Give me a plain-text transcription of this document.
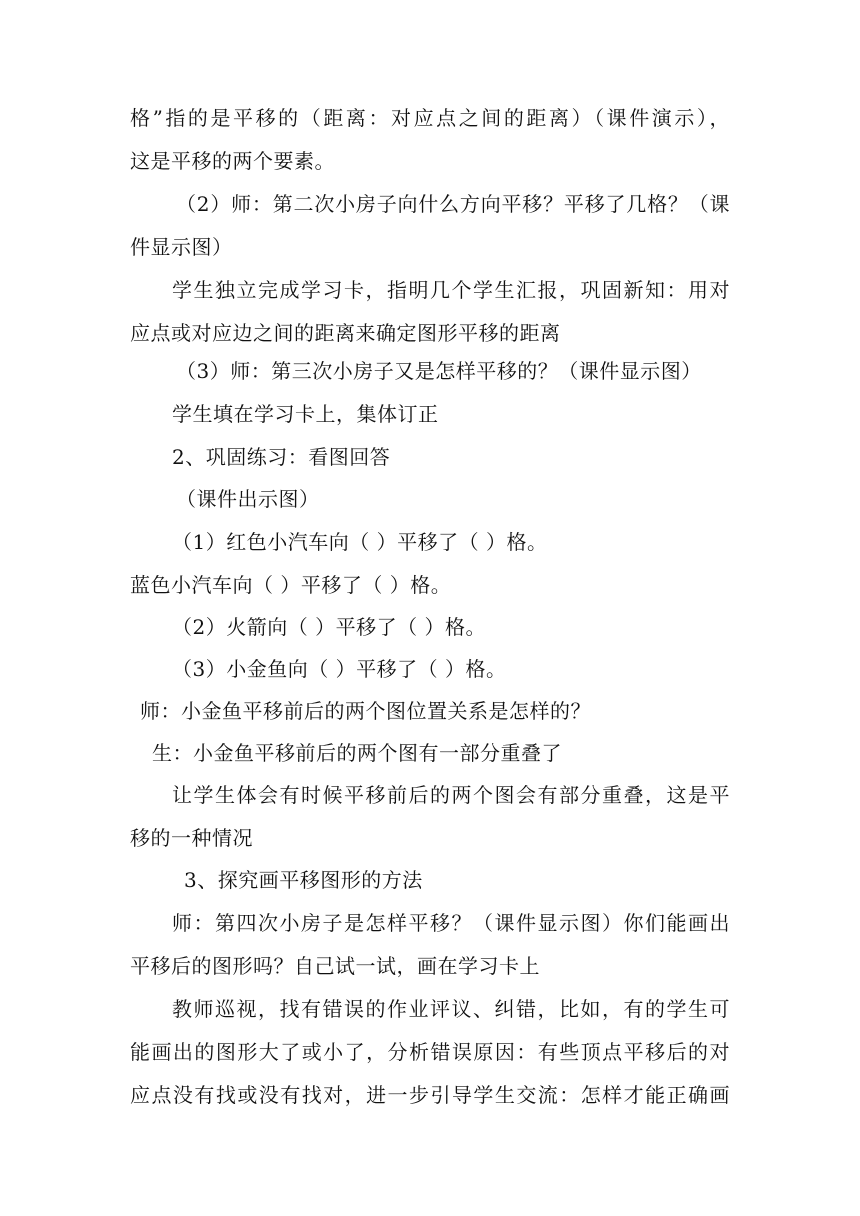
格”指的是平移的（距离：对应点之间的距离）（课件演示），
这是平移的两个要素。
（2）师：第二次小房子向什么方向平移？平移了几格？（课
件显示图）
学生独立完成学习卡，指明几个学生汇报，巩固新知：用对
应点或对应边之间的距离来确定图形平移的距离
（3）师：第三次小房子又是怎样平移的？（课件显示图）
学生填在学习卡上，集体订正
2、巩固练习：看图回答
（课件出示图）
（1）红色小汽车向（ ）平移了（ ）格。
蓝色小汽车向（ ）平移了（ ）格。
（2）火箭向（ ）平移了（ ）格。
（3）小金鱼向（ ）平移了（ ）格。
师：小金鱼平移前后的两个图位置关系是怎样的？
生：小金鱼平移前后的两个图有一部分重叠了
让学生体会有时候平移前后的两个图会有部分重叠，这是平
移的一种情况
3、探究画平移图形的方法
师：第四次小房子是怎样平移？（课件显示图）你们能画出
平移后的图形吗？自己试一试，画在学习卡上
教师巡视，找有错误的作业评议、纠错，比如，有的学生可
能画出的图形大了或小了，分析错误原因：有些顶点平移后的对
应点没有找或没有找对，进一步引导学生交流：怎样才能正确画
